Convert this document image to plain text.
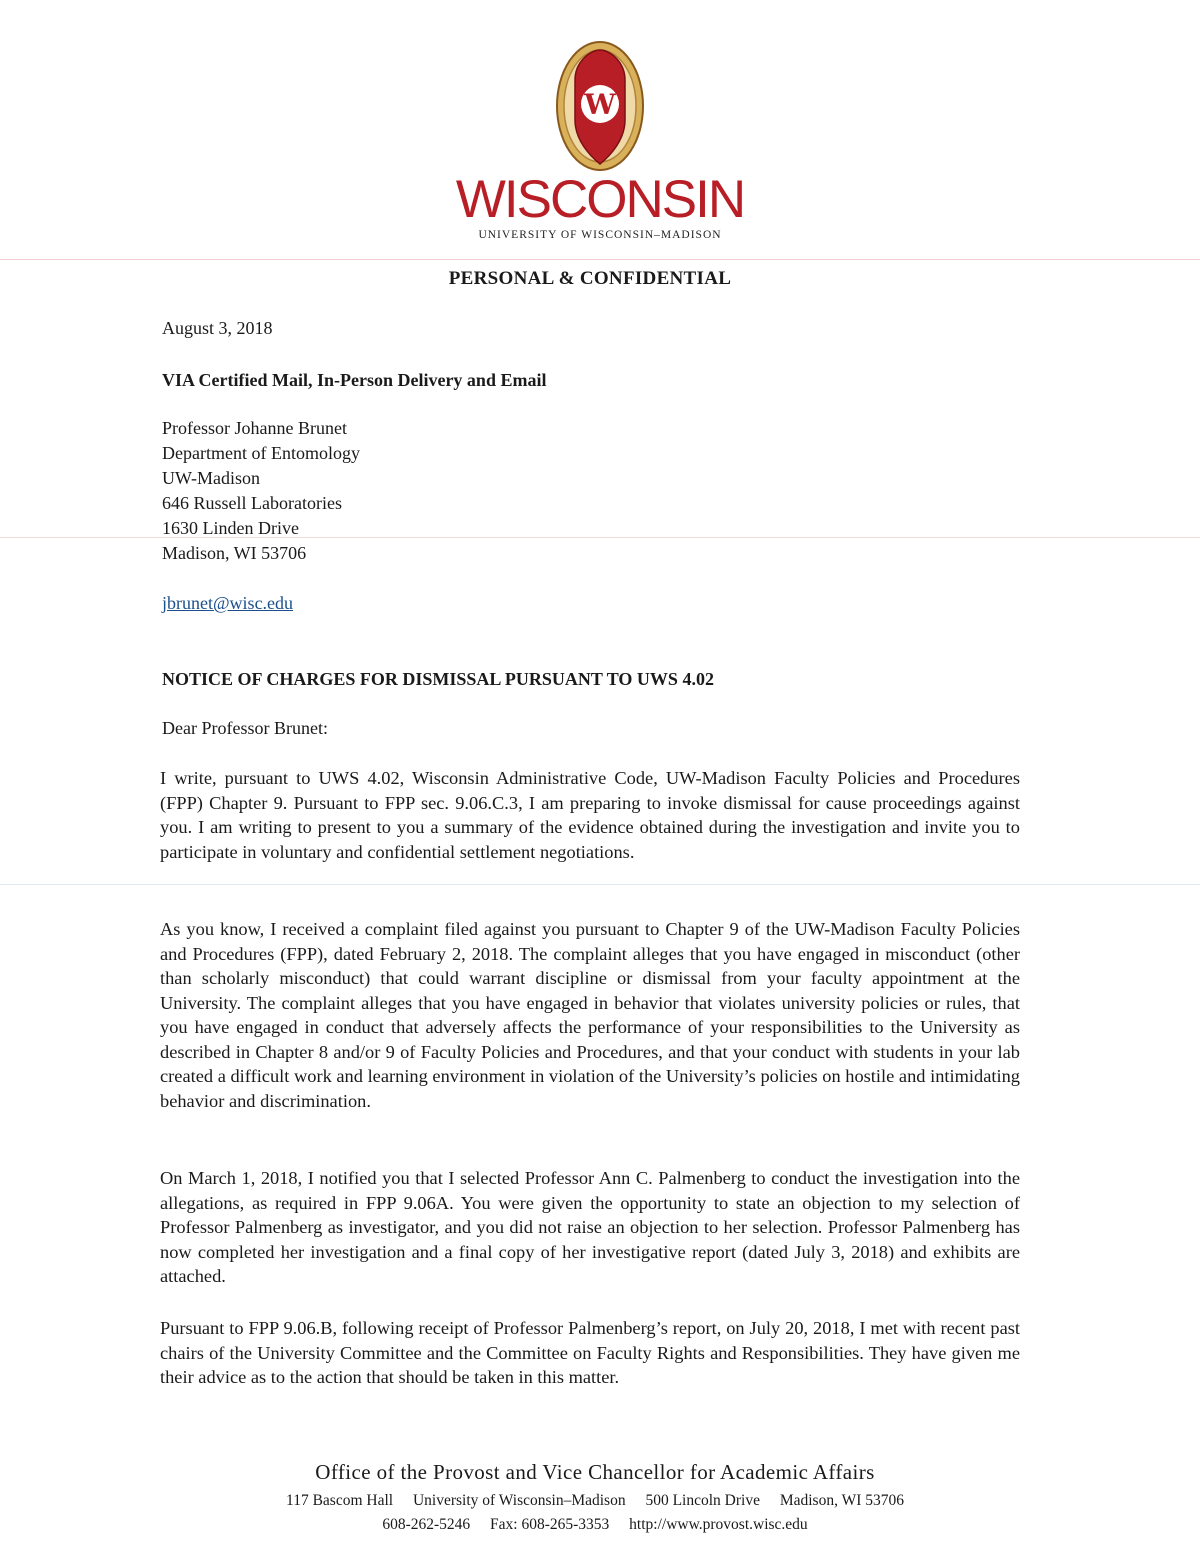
W
WISCONSIN
UNIVERSITY OF WISCONSIN–MADISON
PERSONAL & CONFIDENTIAL
August 3, 2018
VIA Certified Mail, In-Person Delivery and Email
Professor Johanne Brunet
Department of Entomology
UW-Madison
646 Russell Laboratories
1630 Linden Drive
Madison, WI 53706
jbrunet@wisc.edu
NOTICE OF CHARGES FOR DISMISSAL PURSUANT TO UWS 4.02
Dear Professor Brunet:
I write, pursuant to UWS 4.02, Wisconsin Administrative Code, UW-Madison Faculty Policies and Procedures (FPP) Chapter 9. Pursuant to FPP sec. 9.06.C.3, I am preparing to invoke dismissal for cause proceedings against you. I am writing to present to you a summary of the evidence obtained during the investigation and invite you to participate in voluntary and confidential settlement negotiations.
As you know, I received a complaint filed against you pursuant to Chapter 9 of the UW-Madison Faculty Policies and Procedures (FPP), dated February 2, 2018. The complaint alleges that you have engaged in misconduct (other than scholarly misconduct) that could warrant discipline or dismissal from your faculty appointment at the University. The complaint alleges that you have engaged in behavior that violates university policies or rules, that you have engaged in conduct that adversely affects the performance of your responsibilities to the University as described in Chapter 8 and/or 9 of Faculty Policies and Procedures, and that your conduct with students in your lab created a difficult work and learning environment in violation of the University’s policies on hostile and intimidating behavior and discrimination.
On March 1, 2018, I notified you that I selected Professor Ann C. Palmenberg to conduct the investigation into the allegations, as required in FPP 9.06A. You were given the opportunity to state an objection to my selection of Professor Palmenberg as investigator, and you did not raise an objection to her selection. Professor Palmenberg has now completed her investigation and a final copy of her investigative report (dated July 3, 2018) and exhibits are attached.
Pursuant to FPP 9.06.B, following receipt of Professor Palmenberg’s report, on July 20, 2018, I met with recent past chairs of the University Committee and the Committee on Faculty Rights and Responsibilities. They have given me their advice as to the action that should be taken in this matter.
Office of the Provost and Vice Chancellor for Academic Affairs
117 Bascom Hall University of Wisconsin–Madison 500 Lincoln Drive Madison, WI 53706
608-262-5246 Fax: 608-265-3353 http://www.provost.wisc.edu
